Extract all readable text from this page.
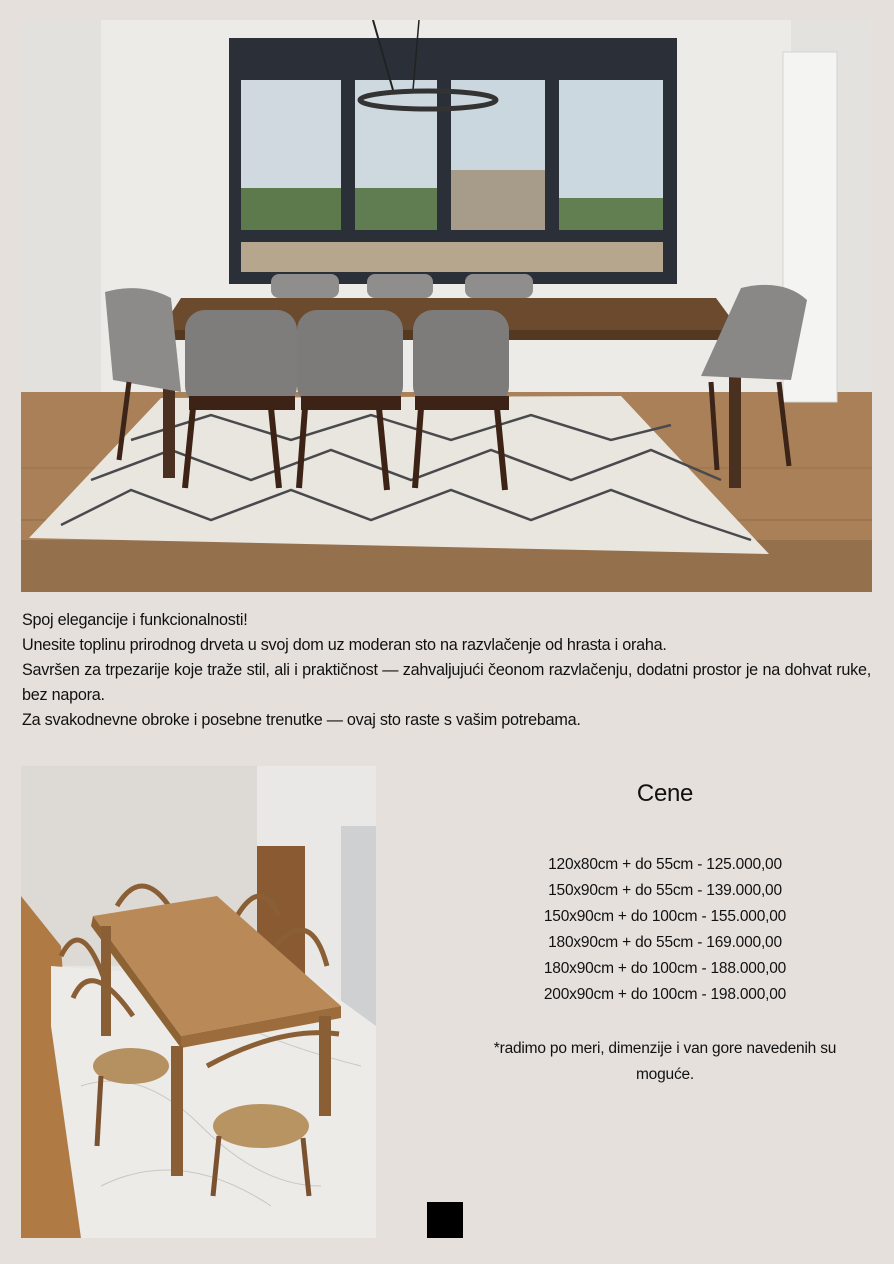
Spoj elegancije i funkcionalnosti!

Unesite toplinu prirodnog drveta u svoj dom uz moderan sto na razvlačenje od hrasta i oraha.

Savršen za trpezarije koje traže stil, ali i praktičnost — zahvaljujući čeonom razvlačenju, dodatni prostor je na dohvat ruke, bez napora.

Za svakodnevne obroke i posebne trenutke — ovaj sto raste s vašim potrebama.

Cene
120x80cm + do 55cm - 125.000,00
150x90cm + do 55cm - 139.000,00
150x90cm + do 100cm - 155.000,00
180x90cm + do 55cm - 169.000,00
180x90cm + do 100cm - 188.000,00
200x90cm + do 100cm - 198.000,00
*radimo po meri, dimenzije i van gore navedenih su moguće.
